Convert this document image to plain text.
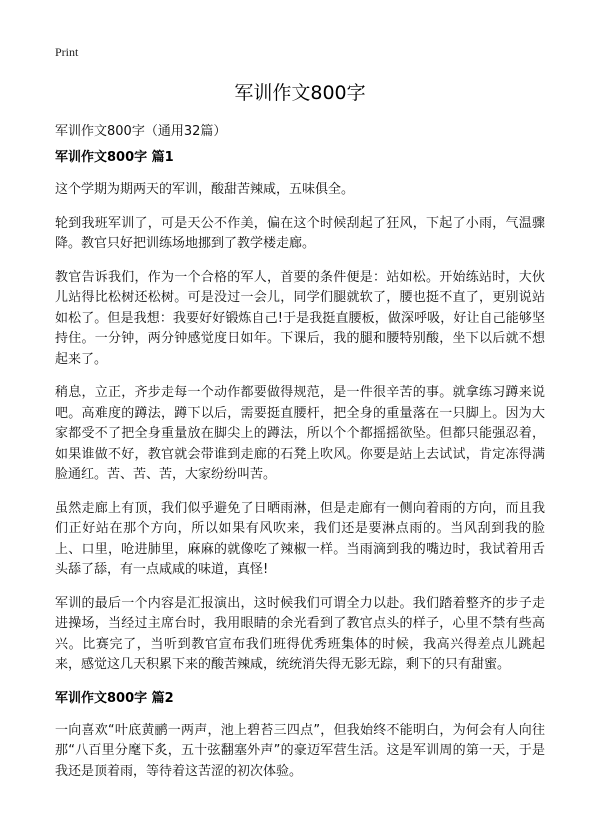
Print

军训作文800字

军训作文800字（通用32篇）

军训作文800字 篇1

这个学期为期两天的军训，酸甜苦辣咸，五味俱全。

轮到我班军训了，可是天公不作美，偏在这个时候刮起了狂风，下起了小雨，气温骤降。教官只好把训练场地挪到了教学楼走廊。

教官告诉我们，作为一个合格的军人，首要的条件便是：站如松。开始练站时，大伙儿站得比松树还松树。可是没过一会儿，同学们腿就软了，腰也挺不直了，更别说站如松了。但是我想：我要好好锻炼自己!于是我挺直腰板，做深呼吸，好让自己能够坚持住。一分钟，两分钟感觉度日如年。下课后，我的腿和腰特别酸，坐下以后就不想起来了。

稍息，立正，齐步走每一个动作都要做得规范，是一件很辛苦的事。就拿练习蹲来说吧。高难度的蹲法，蹲下以后，需要挺直腰杆，把全身的重量落在一只脚上。因为大家都受不了把全身重量放在脚尖上的蹲法，所以个个都摇摇欲坠。但都只能强忍着，如果谁做不好，教官就会带谁到走廊的石凳上吹风。你要是站上去试试，肯定冻得满脸通红。苦、苦、苦，大家纷纷叫苦。

虽然走廊上有顶，我们似乎避免了日晒雨淋，但是走廊有一侧向着雨的方向，而且我们正好站在那个方向，所以如果有风吹来，我们还是要淋点雨的。当风刮到我的脸上、口里，呛进肺里，麻麻的就像吃了辣椒一样。当雨滴到我的嘴边时，我试着用舌头舔了舔，有一点咸咸的味道，真怪!

军训的最后一个内容是汇报演出，这时候我们可谓全力以赴。我们踏着整齐的步子走进操场，当经过主席台时，我用眼睛的余光看到了教官点头的样子，心里不禁有些高兴。比赛完了，当听到教官宣布我们班得优秀班集体的时候，我高兴得差点儿跳起来，感觉这几天积累下来的酸苦辣咸，统统消失得无影无踪，剩下的只有甜蜜。

军训作文800字 篇2

一向喜欢“叶底黄鹂一两声，池上碧苔三四点”，但我始终不能明白，为何会有人向往那“八百里分麾下炙，五十弦翻塞外声”的豪迈军营生活。这是军训周的第一天，于是我还是顶着雨，等待着这苦涩的初次体验。
